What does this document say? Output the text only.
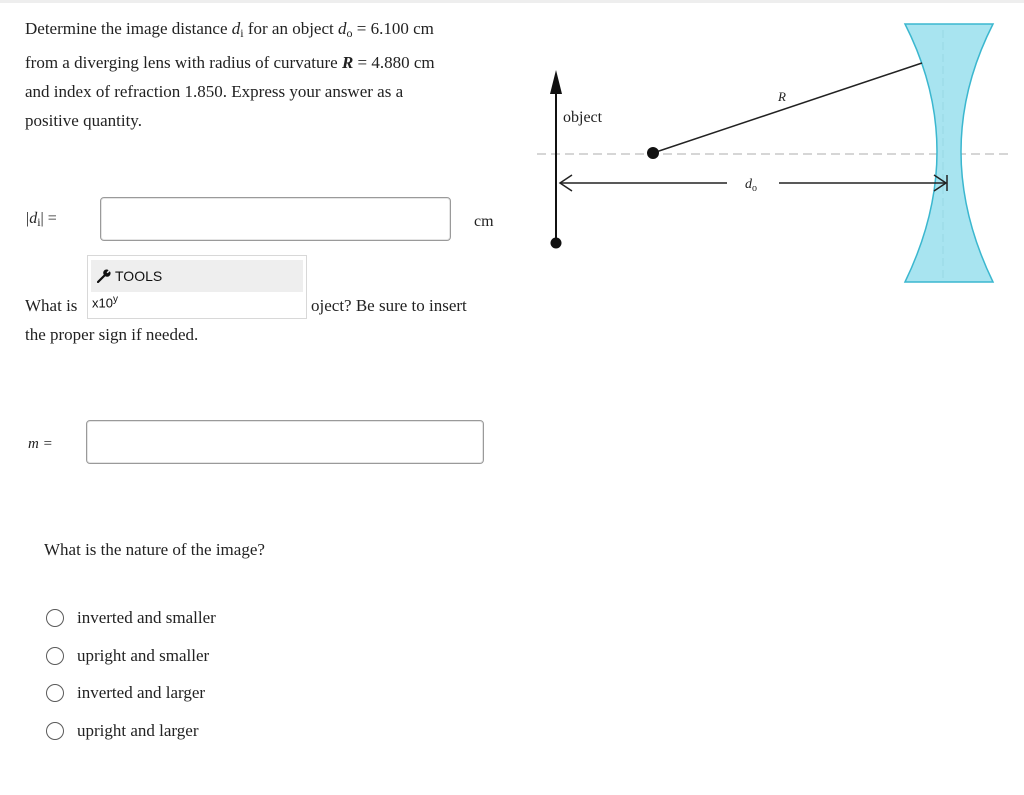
Determine the image distance $d_i$ for an object $d_o = 6.100$ cm
from a diverging lens with radius of curvature R = 4.880 cm
and index of refraction 1.850. Express your answer as a
positive quantity.

$|d_i|$ =	cm
What is	oject? Be sure to insert
the proper sign if needed.
TOOLS
x10$^y$
m =
What is the nature of the image?
inverted and smaller
upright and smaller
inverted and larger
upright and larger
object
R
$d_o$
